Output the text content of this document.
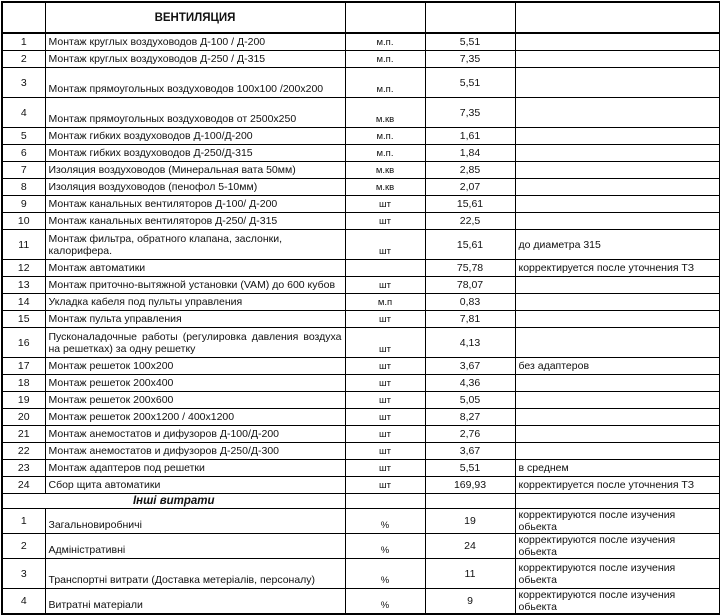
	ВЕНТИЛЯЦИЯ			
1	Монтаж круглых воздуховодов Д-100 / Д-200	м.п.	5,51	
2	Монтаж круглых воздуховодов Д-250 / Д-315	м.п.	7,35	
3	Монтаж прямоугольных воздуховодов 100х100 /200х200	м.п.	5,51	
4	Монтаж прямоугольных воздуховодов от 2500х250	м.кв	7,35	
5	Монтаж гибких воздуховодов Д-100/Д-200	м.п.	1,61	
6	Монтаж гибких воздуховодов Д-250/Д-315	м.п.	1,84	
7	Изоляция воздуховодов (Минеральная вата 50мм)	м.кв	2,85	
8	Изоляция воздуховодов (пенофол 5-10мм)	м.кв	2,07	
9	Монтаж канальных вентиляторов Д-100/ Д-200	шт	15,61	
10	Монтаж канальных вентиляторов Д-250/ Д-315	шт	22,5	
11	Монтаж фильтра, обратного клапана, заслонки, калорифера.	шт	15,61	до диаметра 315
12	Монтаж автоматики		75,78	корректируется после уточнения ТЗ
13	Монтаж приточно-вытяжной установки (VAM) до 600 кубов	шт	78,07	
14	Укладка кабеля под пульты управления	м.п	0,83	
15	Монтаж пульта управления	шт	7,81	
16	Пусконаладочные работы (регулировка давления воздуха на решетках) за одну решетку	шт	4,13	
17	Монтаж решеток 100х200	шт	3,67	без адаптеров
18	Монтаж решеток 200х400	шт	4,36	
19	Монтаж решеток 200х600	шт	5,05	
20	Монтаж решеток 200х1200 / 400х1200	шт	8,27	
21	Монтаж анемостатов и дифузоров Д-100/Д-200	шт	2,76	
22	Монтаж анемостатов и дифузоров Д-250/Д-300	шт	3,67	
23	Монтаж адаптеров под решетки	шт	5,51	в среднем
24	Сбор щита автоматики	шт	169,93	корректируется после уточнения ТЗ
Інші витрати				
1	Загальновиробничі	%	19	корректируются после изучения обьекта
2	Адміністративні	%	24	корректируются после изучения обьекта
3	Транспортні витрати (Доставка метеріалів, персоналу)	%	11	корректируются после изучения обьекта
4	Витратні матеріали	%	9	корректируются после изучения обьекта
